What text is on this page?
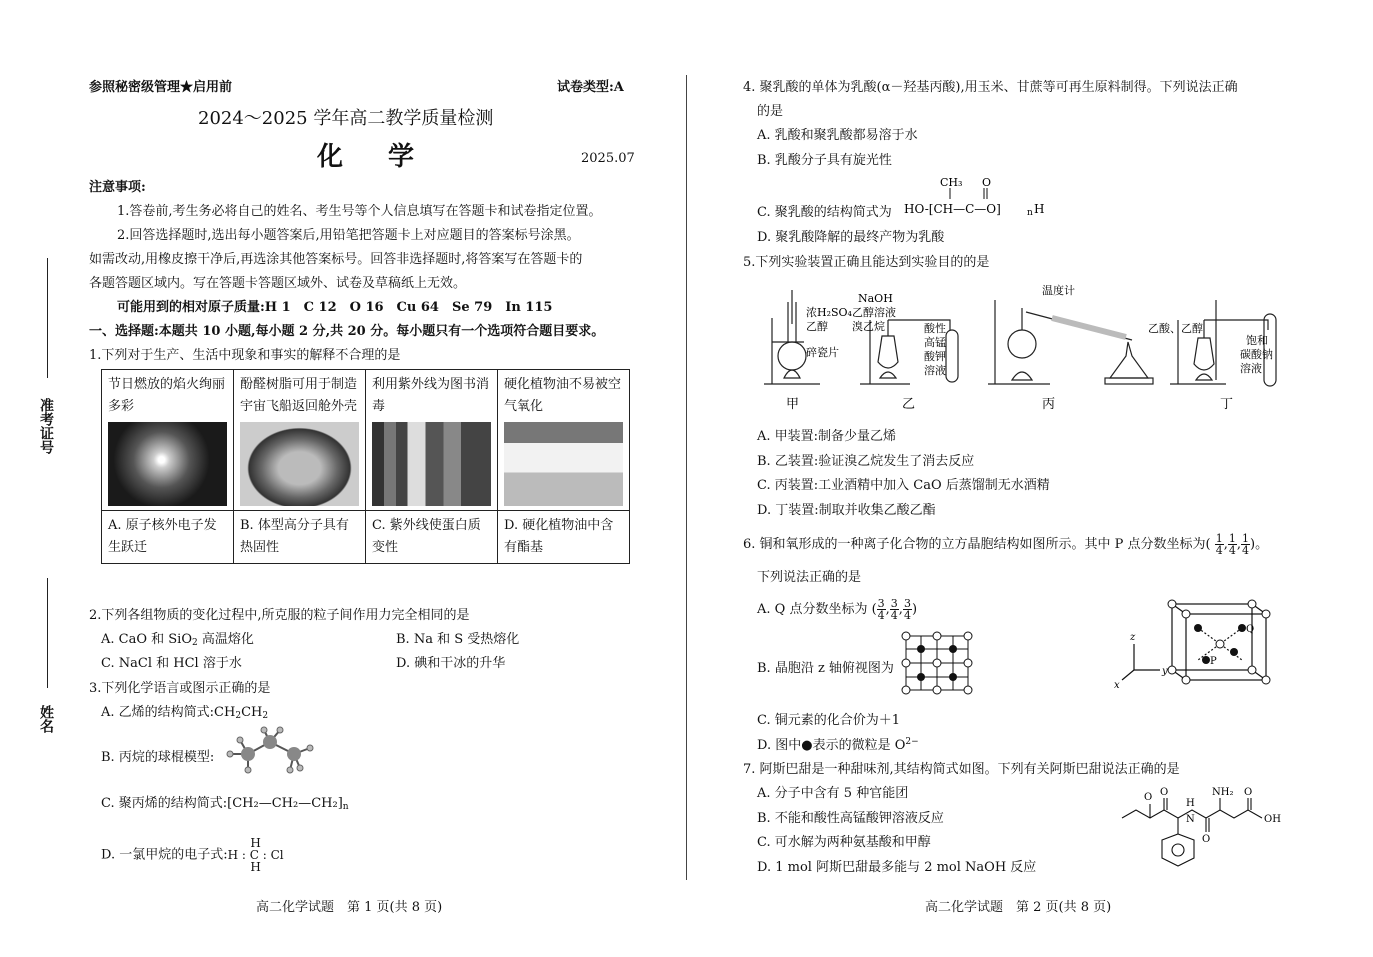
准考证号
姓名
参照秘密级管理★启用前	试卷类型:A
2024～2025 学年高二教学质量检测
化 学	2025.07
注意事项:
1.答卷前,考生务必将自己的姓名、考生号等个人信息填写在答题卡和试卷指定位置。
2.回答选择题时,选出每小题答案后,用铅笔把答题卡上对应题目的答案标号涂黑。
如需改动,用橡皮擦干净后,再选涂其他答案标号。回答非选择题时,将答案写在答题卡的
各题答题区域内。写在答题卡答题区域外、试卷及草稿纸上无效。
可能用到的相对原子质量:H 1　C 12　O 16　Cu 64　Se 79　In 115
一、选择题:本题共 10 小题,每小题 2 分,共 20 分。每小题只有一个选项符合题目要求。
1.下列对于生产、生活中现象和事实的解释不合理的是
节日燃放的焰火绚丽多彩	酚醛树脂可用于制造宇宙飞船返回舱外壳	利用紫外线为图书消毒	硬化植物油不易被空气氧化

A. 原子核外电子发生跃迁	B. 体型高分子具有热固性	C. 紫外线使蛋白质变性	D. 硬化植物油中含有酯基
2.下列各组物质的变化过程中,所克服的粒子间作用力完全相同的是
A. CaO 和 SiO$_2$ 高温熔化	B. Na 和 S 受热熔化
C. NaCl 和 HCl 溶于水	D. 碘和干冰的升华
3.下列化学语言或图示正确的是
A. 乙烯的结构简式$:CH_2CH_2$
B. 丙烷的球棍模型:
C. 聚丙烯的结构简式$:[CH_2—CH_2—CH_2]_n$
D. 一氯甲烷的电子式:
H
H : C : Cl
H
高二化学试题　第 1 页(共 8 页)
4. 聚乳酸的单体为乳酸(α－羟基丙酸),用玉米、甘蔗等可再生原料制得。下列说法正确
的是
A. 乳酸和聚乳酸都易溶于水
B. 乳酸分子具有旋光性
C. 聚乳酸的结构简式为
CH₃ O
HO-[CH—C—O]	n H
D. 聚乳酸降解的最终产物为乳酸
5.下列实验装置正确且能达到实验目的的是
浓H₂SO₄
乙醇
碎瓷片
NaOH
乙醇溶液
溴乙烷	酸性
高锰
酸钾
溶液
温度计
乙酸、乙醇
饱和
碳酸钠
溶液
甲	乙	丙	丁
A. 甲装置:制备少量乙烯
B. 乙装置:验证溴乙烷发生了消去反应
C. 丙装置:工业酒精中加入 CaO 后蒸馏制无水酒精
D. 丁装置:制取并收集乙酸乙酯
6. 铜和氧形成的一种离子化合物的立方晶胞结构如图所示。其中 P 点分数坐标为( $\frac{1}{4}$ , $\frac{1}{4}$ , $\frac{1}{4}$ )。
下列说法正确的是
A. Q 点分数坐标为 ( $\frac{3}{4}$ , $\frac{3}{4}$ , $\frac{3}{4}$ )
B. 晶胞沿 z 轴俯视图为
z
y
x
P
Q
C. 铜元素的化合价为＋1
D. 图中●表示的微粒是 $O^{2-}$
7. 阿斯巴甜是一种甜味剂,其结构简式如图。下列有关阿斯巴甜说法正确的是
A. 分子中含有 5 种官能团
B. 不能和酸性高锰酸钾溶液反应
C. 可水解为两种氨基酸和甲醇
D. 1 mol 阿斯巴甜最多能与 2 mol NaOH 反应
O O	NH₂
O
N
H
O
OH
高二化学试题　第 2 页(共 8 页)
